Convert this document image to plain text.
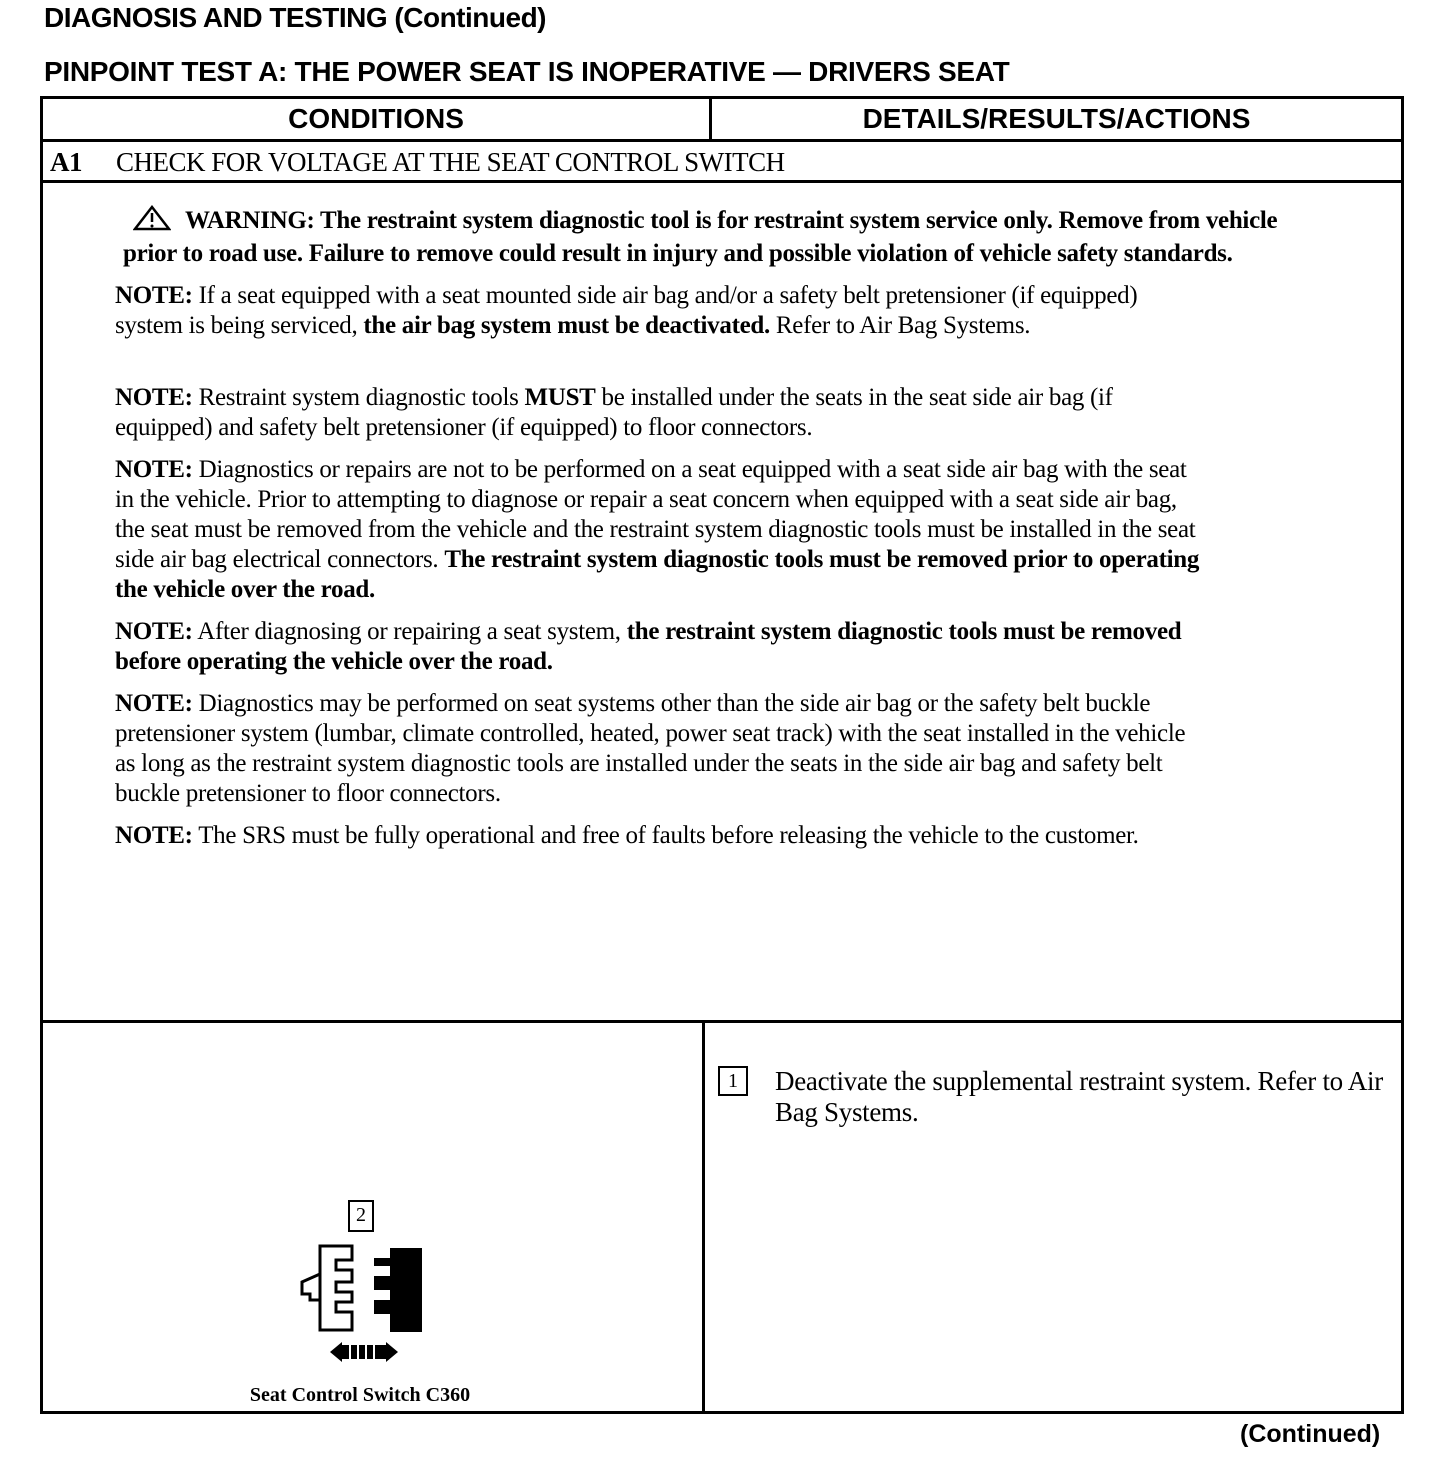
DIAGNOSIS AND TESTING (Continued)
PINPOINT TEST A: THE POWER SEAT IS INOPERATIVE — DRIVERS SEAT
CONDITIONS	DETAILS/RESULTS/ACTIONS
A1 CHECK FOR VOLTAGE AT THE SEAT CONTROL SWITCH
WARNING: The restraint system diagnostic tool is for restraint system service only. Remove from vehicle prior to road use. Failure to remove could result in injury and possible violation of vehicle safety standards.
NOTE: If a seat equipped with a seat mounted side air bag and/or a safety belt pretensioner (if equipped) system is being serviced, the air bag system must be deactivated. Refer to Air Bag Systems.
NOTE: Restraint system diagnostic tools MUST be installed under the seats in the seat side air bag (if equipped) and safety belt pretensioner (if equipped) to floor connectors.
NOTE: Diagnostics or repairs are not to be performed on a seat equipped with a seat side air bag with the seat in the vehicle. Prior to attempting to diagnose or repair a seat concern when equipped with a seat side air bag, the seat must be removed from the vehicle and the restraint system diagnostic tools must be installed in the seat side air bag electrical connectors. The restraint system diagnostic tools must be removed prior to operating the vehicle over the road.
NOTE: After diagnosing or repairing a seat system, the restraint system diagnostic tools must be removed before operating the vehicle over the road.
NOTE: Diagnostics may be performed on seat systems other than the side air bag or the safety belt buckle pretensioner system (lumbar, climate controlled, heated, power seat track) with the seat installed in the vehicle as long as the restraint system diagnostic tools are installed under the seats in the side air bag and safety belt buckle pretensioner to floor connectors.
NOTE: The SRS must be fully operational and free of faults before releasing the vehicle to the customer.
2
Seat Control Switch C360
1	Deactivate the supplemental restraint system. Refer to Air Bag Systems.
(Continued)
